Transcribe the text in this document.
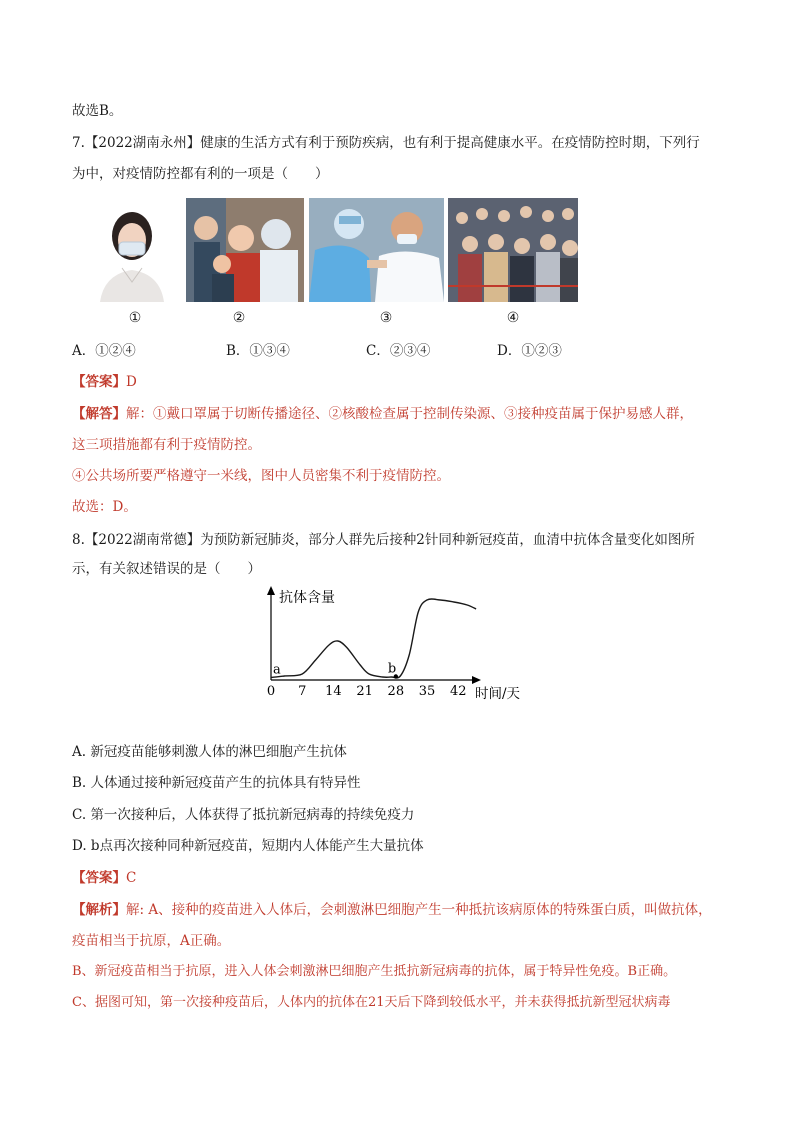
故选B。
7.【2022湖南永州】健康的生活方式有利于预防疾病，也有利于提高健康水平。在疫情防控时期，下列行
为中，对疫情防控都有利的一项是（　　）
①	②	③	④
A．①②④	B．①③④	C．②③④	D．①②③
【答案】D
【解答】解：①戴口罩属于切断传播途径、②核酸检查属于控制传染源、③接种疫苗属于保护易感人群，
这三项措施都有利于疫情防控。
④公共场所要严格遵守一米线，图中人员密集不利于疫情防控。
故选：D。
8.【2022湖南常德】为预防新冠肺炎，部分人群先后接种2针同种新冠疫苗，血清中抗体含量变化如图所
示，有关叙述错误的是（　　）
抗体含量
时间/天
0 7 14 21 28 35 42
a	b
A. 新冠疫苗能够刺激人体的淋巴细胞产生抗体
B. 人体通过接种新冠疫苗产生的抗体具有特异性
C. 第一次接种后，人体获得了抵抗新冠病毒的持续免疫力
D. b点再次接种同种新冠疫苗，短期内人体能产生大量抗体
【答案】C
【解析】解: A、接种的疫苗进入人体后，会刺激淋巴细胞产生一种抵抗该病原体的特殊蛋白质，叫做抗体，
疫苗相当于抗原，A正确。
B、新冠疫苗相当于抗原，进入人体会刺激淋巴细胞产生抵抗新冠病毒的抗体，属于特异性免疫。B正确。
C、据图可知，第一次接种疫苗后，人体内的抗体在21天后下降到较低水平，并未获得抵抗新型冠状病毒
